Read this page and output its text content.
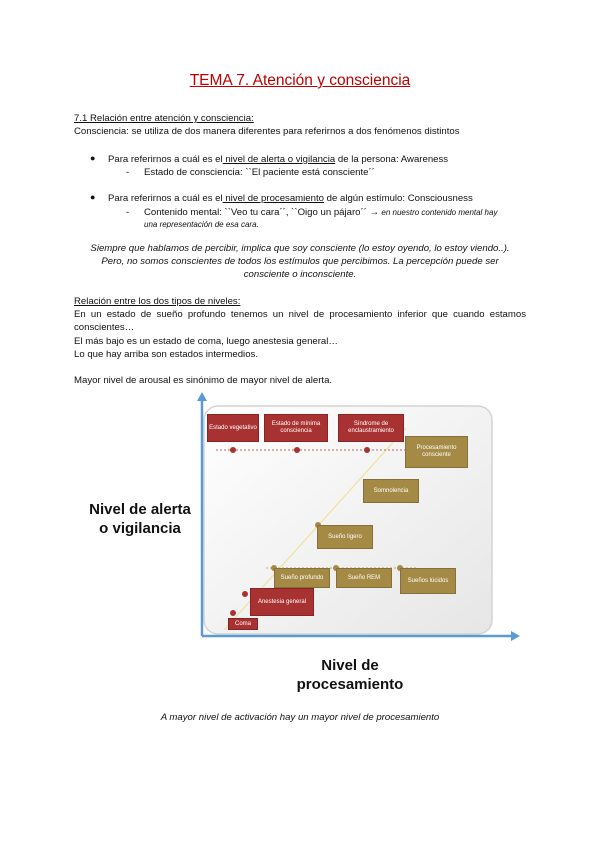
TEMA 7. Atención y consciencia
7.1 Relación entre atención y consciencia:
Consciencia: se utiliza de dos manera diferentes para referirnos a dos fenómenos distintos
● Para referirnos a cuál es el nivel de alerta o vigilancia de la persona: Awareness
- Estado de consciencia: ``El paciente está consciente´´
● Para referirnos a cuál es el nivel de procesamiento de algún estímulo: Consciousness
- Contenido mental: ``Veo tu cara´´, ``Oigo un pájaro´´ → en nuestro contenido mental hay
una representación de esa cara.
Siempre que hablamos de percibir, implica que soy consciente (lo estoy oyendo, lo estoy viendo..).
Pero, no somos conscientes de todos los estímulos que percibimos. La percepción puede ser
consciente o inconsciente.
Relación entre los dos tipos de niveles:
En un estado de sueño profundo tenemos un nivel de procesamiento inferior que cuando estamos
conscientes…
El más bajo es un estado de coma, luego anestesia general…
Lo que hay arriba son estados intermedios.
Mayor nivel de arousal es sinónimo de mayor nivel de alerta.
Estado vegetativo
Estado de mínima consciencia
Síndrome de enclaustramiento
Procesamiento consciente
Somnolencia
Sueño ligero
Sueño profundo	Sueño REM	Sueños lúcidos
Anestesia general
Coma
Nivel de alerta
o vigilancia
Nivel de
procesamiento
A mayor nivel de activación hay un mayor nivel de procesamiento
